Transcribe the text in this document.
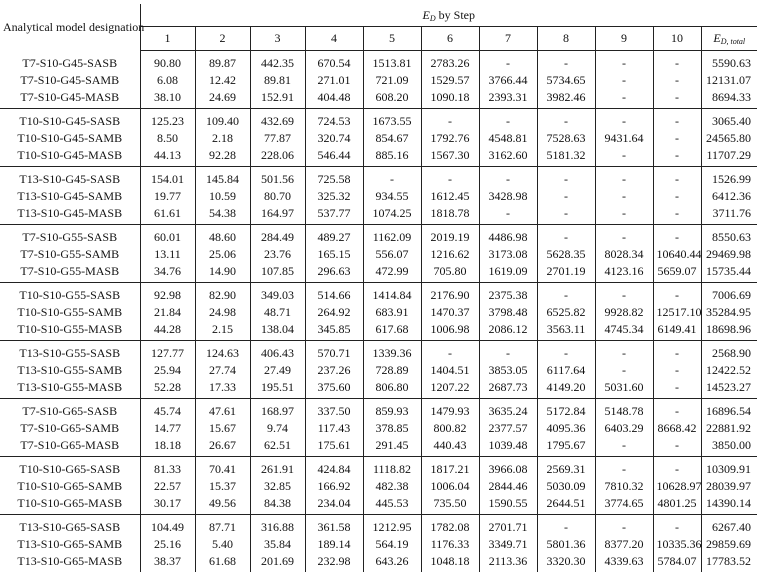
Analytical model designation	$E_D$ by Step										
	1	2	3	4	5	6	7	8	9	10	$E_{D, total}$
T7-S10-G45-SASB	90.80	89.87	442.35	670.54	1513.81	2783.26	-	-	-	-	5590.63
T7-S10-G45-SAMB	6.08	12.42	89.81	271.01	721.09	1529.57	3766.44	5734.65	-	-	12131.07
T7-S10-G45-MASB	38.10	24.69	152.91	404.48	608.20	1090.18	2393.31	3982.46	-	-	8694.33
T10-S10-G45-SASB	125.23	109.40	432.69	724.53	1673.55	-	-	-	-	-	3065.40
T10-S10-G45-SAMB	8.50	2.18	77.87	320.74	854.67	1792.76	4548.81	7528.63	9431.64	-	24565.80
T10-S10-G45-MASB	44.13	92.28	228.06	546.44	885.16	1567.30	3162.60	5181.32	-	-	11707.29
T13-S10-G45-SASB	154.01	145.84	501.56	725.58	-	-	-	-	-	-	1526.99
T13-S10-G45-SAMB	19.77	10.59	80.70	325.32	934.55	1612.45	3428.98	-	-	-	6412.36
T13-S10-G45-MASB	61.61	54.38	164.97	537.77	1074.25	1818.78	-	-	-	-	3711.76
T7-S10-G55-SASB	60.01	48.60	284.49	489.27	1162.09	2019.19	4486.98	-	-	-	8550.63
T7-S10-G55-SAMB	13.11	25.06	23.76	165.15	556.07	1216.62	3173.08	5628.35	8028.34	10640.44	29469.98
T7-S10-G55-MASB	34.76	14.90	107.85	296.63	472.99	705.80	1619.09	2701.19	4123.16	5659.07	15735.44
T10-S10-G55-SASB	92.98	82.90	349.03	514.66	1414.84	2176.90	2375.38	-	-	-	7006.69
T10-S10-G55-SAMB	21.84	24.98	48.71	264.92	683.91	1470.37	3798.48	6525.82	9928.82	12517.10	35284.95
T10-S10-G55-MASB	44.28	2.15	138.04	345.85	617.68	1006.98	2086.12	3563.11	4745.34	6149.41	18698.96
T13-S10-G55-SASB	127.77	124.63	406.43	570.71	1339.36	-	-	-	-	-	2568.90
T13-S10-G55-SAMB	25.94	27.74	27.49	237.26	728.89	1404.51	3853.05	6117.64	-	-	12422.52
T13-S10-G55-MASB	52.28	17.33	195.51	375.60	806.80	1207.22	2687.73	4149.20	5031.60	-	14523.27
T7-S10-G65-SASB	45.74	47.61	168.97	337.50	859.93	1479.93	3635.24	5172.84	5148.78	-	16896.54
T7-S10-G65-SAMB	14.77	15.67	9.74	117.43	378.85	800.82	2377.57	4095.36	6403.29	8668.42	22881.92
T7-S10-G65-MASB	18.18	26.67	62.51	175.61	291.45	440.43	1039.48	1795.67	-	-	3850.00
T10-S10-G65-SASB	81.33	70.41	261.91	424.84	1118.82	1817.21	3966.08	2569.31	-	-	10309.91
T10-S10-G65-SAMB	22.57	15.37	32.85	166.92	482.38	1006.04	2844.46	5030.09	7810.32	10628.97	28039.97
T10-S10-G65-MASB	30.17	49.56	84.38	234.04	445.53	735.50	1590.55	2644.51	3774.65	4801.25	14390.14
T13-S10-G65-SASB	104.49	87.71	316.88	361.58	1212.95	1782.08	2701.71	-	-	-	6267.40
T13-S10-G65-SAMB	25.16	5.40	35.84	189.14	564.19	1176.33	3349.71	5801.36	8377.20	10335.36	29859.69
T13-S10-G65-MASB	38.37	61.68	201.69	232.98	643.26	1048.18	2113.36	3320.30	4339.63	5784.07	17783.52
